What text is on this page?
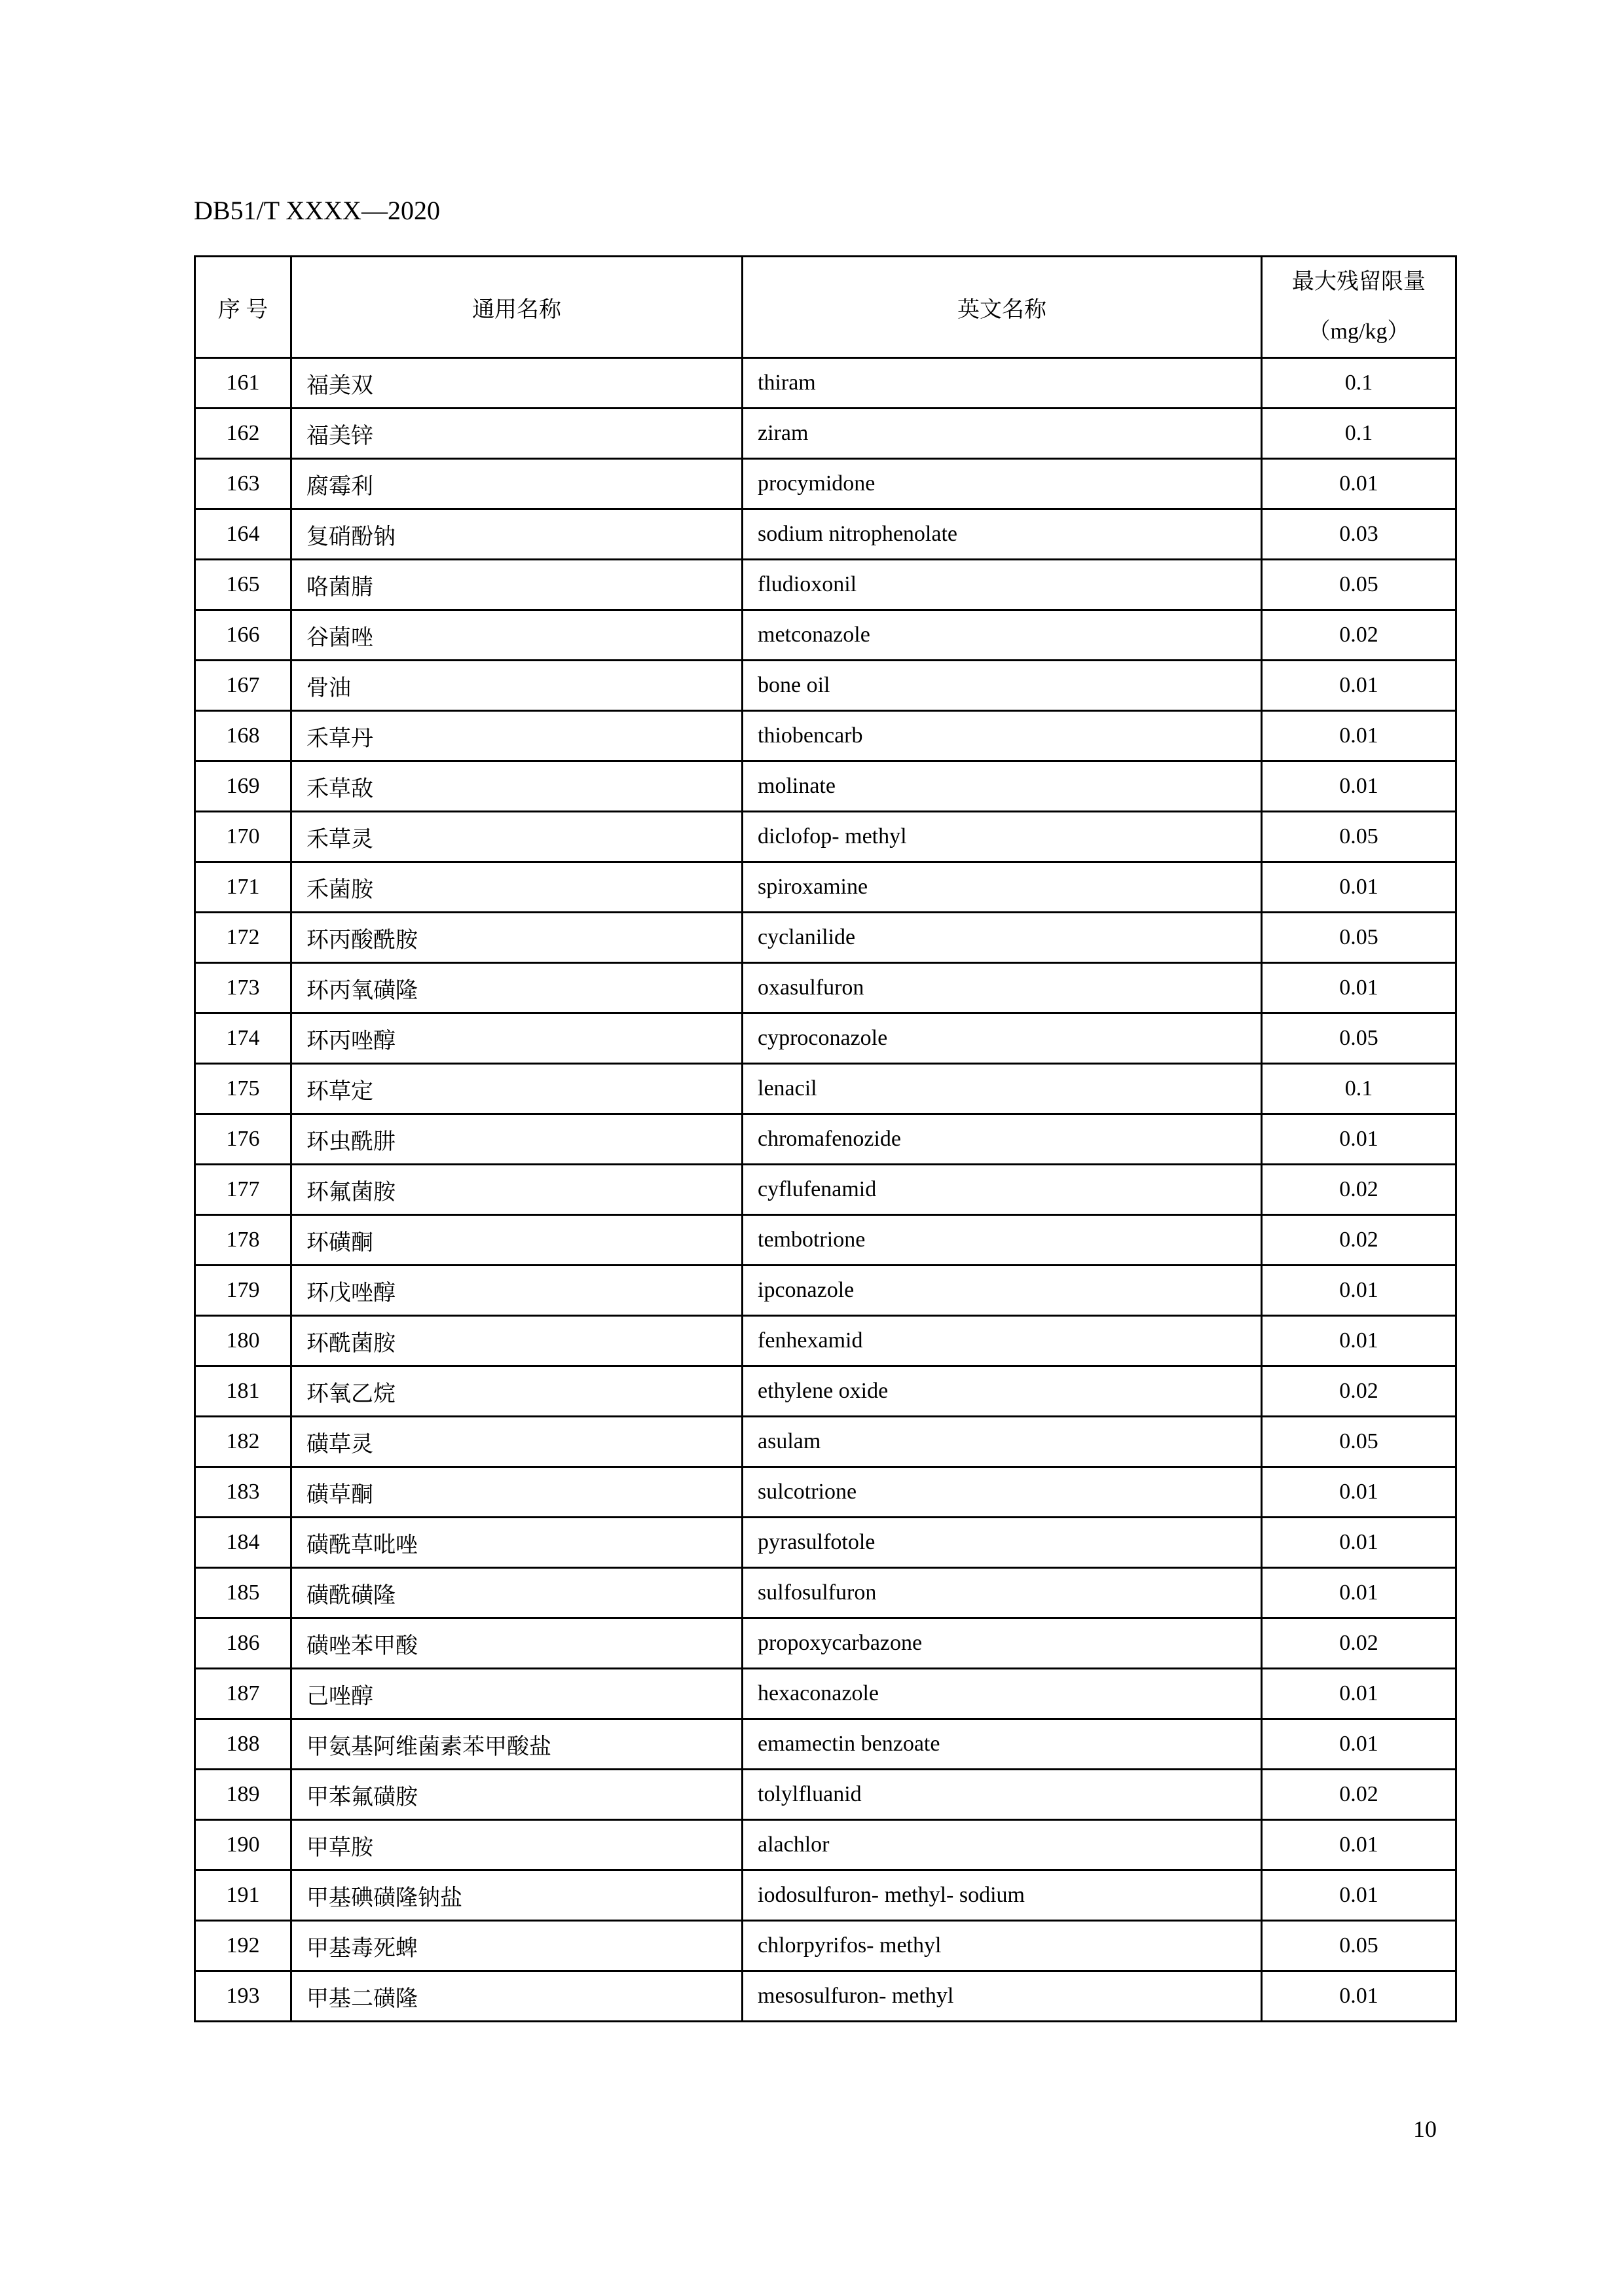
DB51/T XXXX—2020
序 号	通用名称	英文名称	最大残留限量
（mg/kg）

161	福美双	thiram	0.1
162	福美锌	ziram	0.1
163	腐霉利	procymidone	0.01
164	复硝酚钠	sodium nitrophenolate	0.03
165	咯菌腈	fludioxonil	0.05
166	谷菌唑	metconazole	0.02
167	骨油	bone oil	0.01
168	禾草丹	thiobencarb	0.01
169	禾草敌	molinate	0.01
170	禾草灵	diclofop- methyl	0.05
171	禾菌胺	spiroxamine	0.01
172	环丙酸酰胺	cyclanilide	0.05
173	环丙氧磺隆	oxasulfuron	0.01
174	环丙唑醇	cyproconazole	0.05
175	环草定	lenacil	0.1
176	环虫酰肼	chromafenozide	0.01
177	环氟菌胺	cyflufenamid	0.02
178	环磺酮	tembotrione	0.02
179	环戊唑醇	ipconazole	0.01
180	环酰菌胺	fenhexamid	0.01
181	环氧乙烷	ethylene oxide	0.02
182	磺草灵	asulam	0.05
183	磺草酮	sulcotrione	0.01
184	磺酰草吡唑	pyrasulfotole	0.01
185	磺酰磺隆	sulfosulfuron	0.01
186	磺唑苯甲酸	propoxycarbazone	0.02
187	己唑醇	hexaconazole	0.01
188	甲氨基阿维菌素苯甲酸盐	emamectin benzoate	0.01
189	甲苯氟磺胺	tolylfluanid	0.02
190	甲草胺	alachlor	0.01
191	甲基碘磺隆钠盐	iodosulfuron- methyl- sodium	0.01
192	甲基毒死蜱	chlorpyrifos- methyl	0.05
193	甲基二磺隆	mesosulfuron- methyl	0.01
10
